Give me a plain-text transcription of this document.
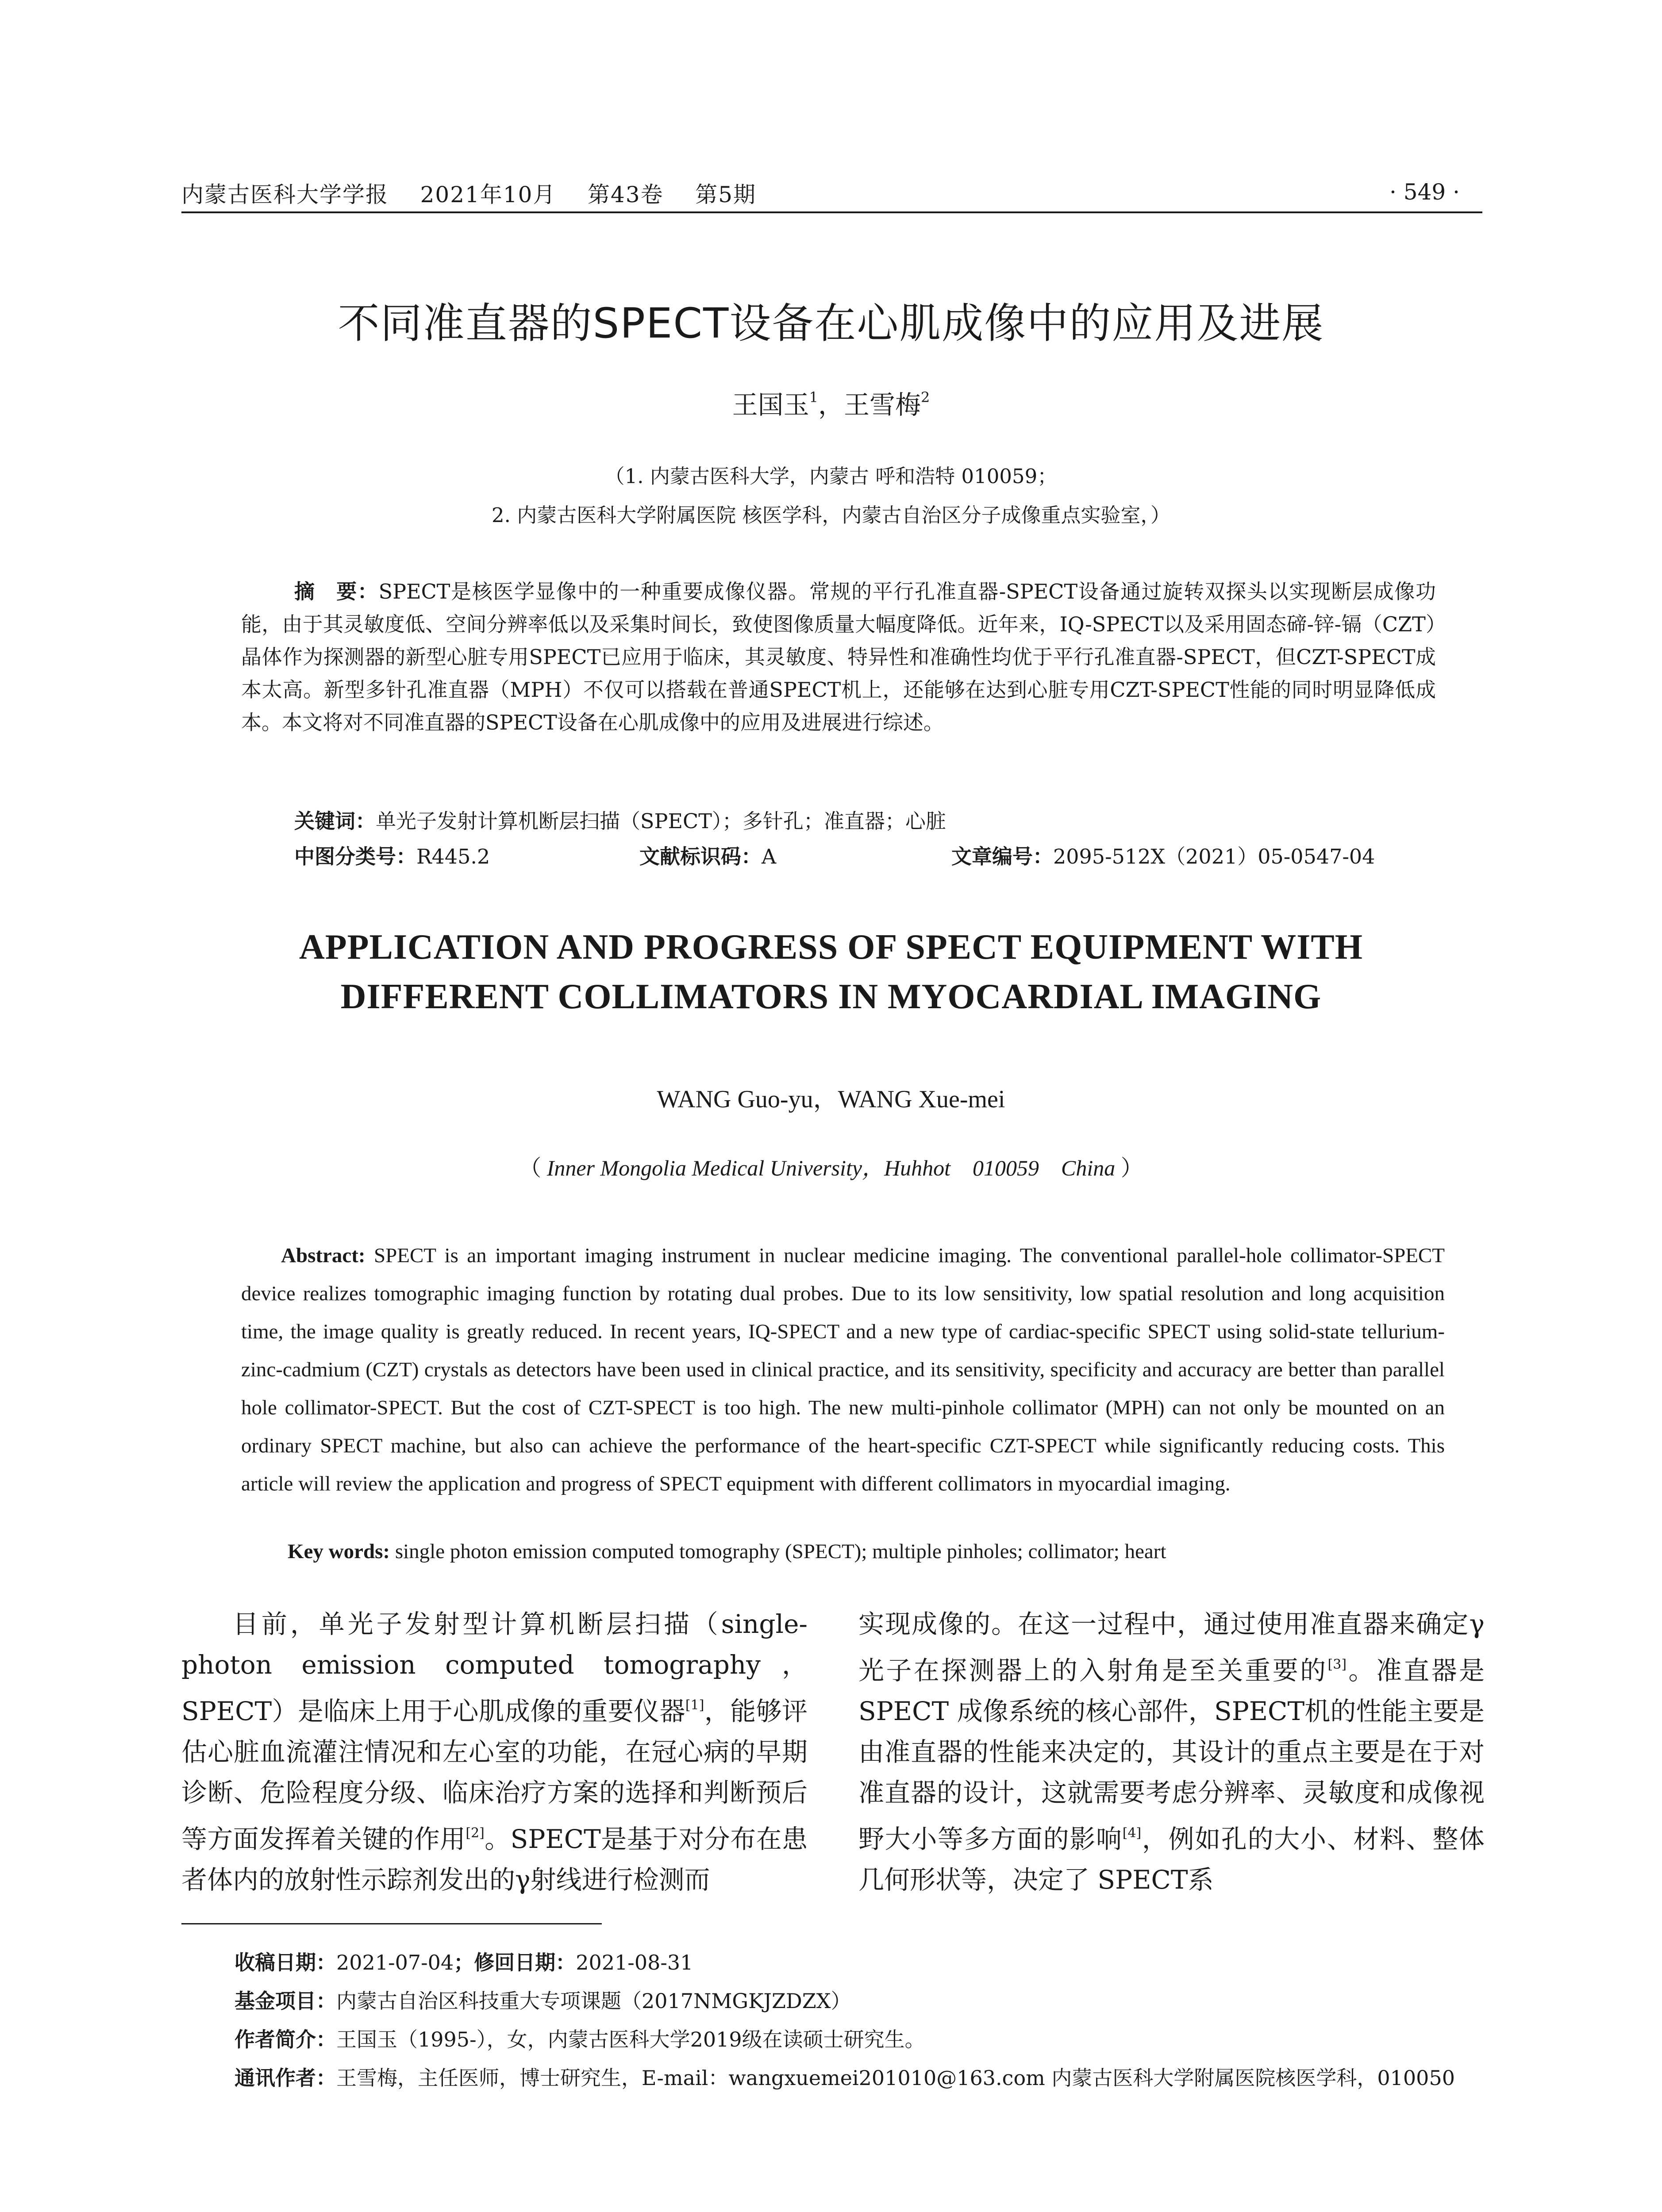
内蒙古医科大学学报 2021年10月 第43卷 第5期	· 549 ·
不同准直器的SPECT设备在心肌成像中的应用及进展
王国玉$^1$，王雪梅$^2$
（1. 内蒙古医科大学，内蒙古 呼和浩特 010059；
2. 内蒙古医科大学附属医院 核医学科，内蒙古自治区分子成像重点实验室，）
摘　要：SPECT是核医学显像中的一种重要成像仪器。常规的平行孔准直器-SPECT设备通过旋转双探头以实现断层成像功能，由于其灵敏度低、空间分辨率低以及采集时间长，致使图像质量大幅度降低。近年来，IQ-SPECT以及采用固态碲-锌-镉（CZT）晶体作为探测器的新型心脏专用SPECT已应用于临床，其灵敏度、特异性和准确性均优于平行孔准直器-SPECT，但CZT-SPECT成本太高。新型多针孔准直器（MPH）不仅可以搭载在普通SPECT机上，还能够在达到心脏专用CZT-SPECT性能的同时明显降低成本。本文将对不同准直器的SPECT设备在心肌成像中的应用及进展进行综述。
关键词：单光子发射计算机断层扫描（SPECT）；多针孔；准直器；心脏
中图分类号：R445.2	文献标识码：A	文章编号：2095-512X（2021）05-0547-04
APPLICATION AND PROGRESS OF SPECT EQUIPMENT WITH
DIFFERENT COLLIMATORS IN MYOCARDIAL IMAGING
WANG Guo-yu，WANG Xue-mei
（ Inner Mongolia Medical University，Huhhot　010059　China ）
Abstract: SPECT is an important imaging instrument in nuclear medicine imaging. The conventional parallel-hole collimator-SPECT device realizes tomographic imaging function by rotating dual probes. Due to its low sensitivity, low spatial resolution and long acquisition time, the image quality is greatly reduced. In recent years, IQ-SPECT and a new type of cardiac-specific SPECT using solid-state tellurium-zinc-cadmium (CZT) crystals as detectors have been used in clinical practice, and its sensitivity, specificity and accuracy are better than parallel hole collimator-SPECT. But the cost of CZT-SPECT is too high. The new multi-pinhole collimator (MPH) can not only be mounted on an ordinary SPECT machine, but also can achieve the performance of the heart-specific CZT-SPECT while significantly reducing costs. This article will review the application and progress of SPECT equipment with different collimators in myocardial imaging.
Key words: single photon emission computed tomography (SPECT); multiple pinholes; collimator; heart

目前，单光子发射型计算机断层扫描（single-photon emission computed tomography，SPECT）是临床上用于心肌成像的重要仪器[1]，能够评估心脏血流灌注情况和左心室的功能，在冠心病的早期诊断、危险程度分级、临床治疗方案的选择和判断预后等方面发挥着关键的作用[2]。SPECT是基于对分布在患者体内的放射性示踪剂发出的γ射线进行检测而

实现成像的。在这一过程中，通过使用准直器来确定γ光子在探测器上的入射角是至关重要的[3]。准直器是 SPECT 成像系统的核心部件，SPECT机的性能主要是由准直器的性能来决定的，其设计的重点主要是在于对准直器的设计，这就需要考虑分辨率、灵敏度和成像视野大小等多方面的影响[4]，例如孔的大小、材料、整体几何形状等，决定了 SPECT系

收稿日期：2021-07-04；修回日期：2021-08-31
基金项目：内蒙古自治区科技重大专项课题（2017NMGKJZDZX）
作者简介：王国玉（1995-），女，内蒙古医科大学2019级在读硕士研究生。
通讯作者：王雪梅，主任医师，博士研究生，E-mail：wangxuemei201010@163.com 内蒙古医科大学附属医院核医学科，010050
